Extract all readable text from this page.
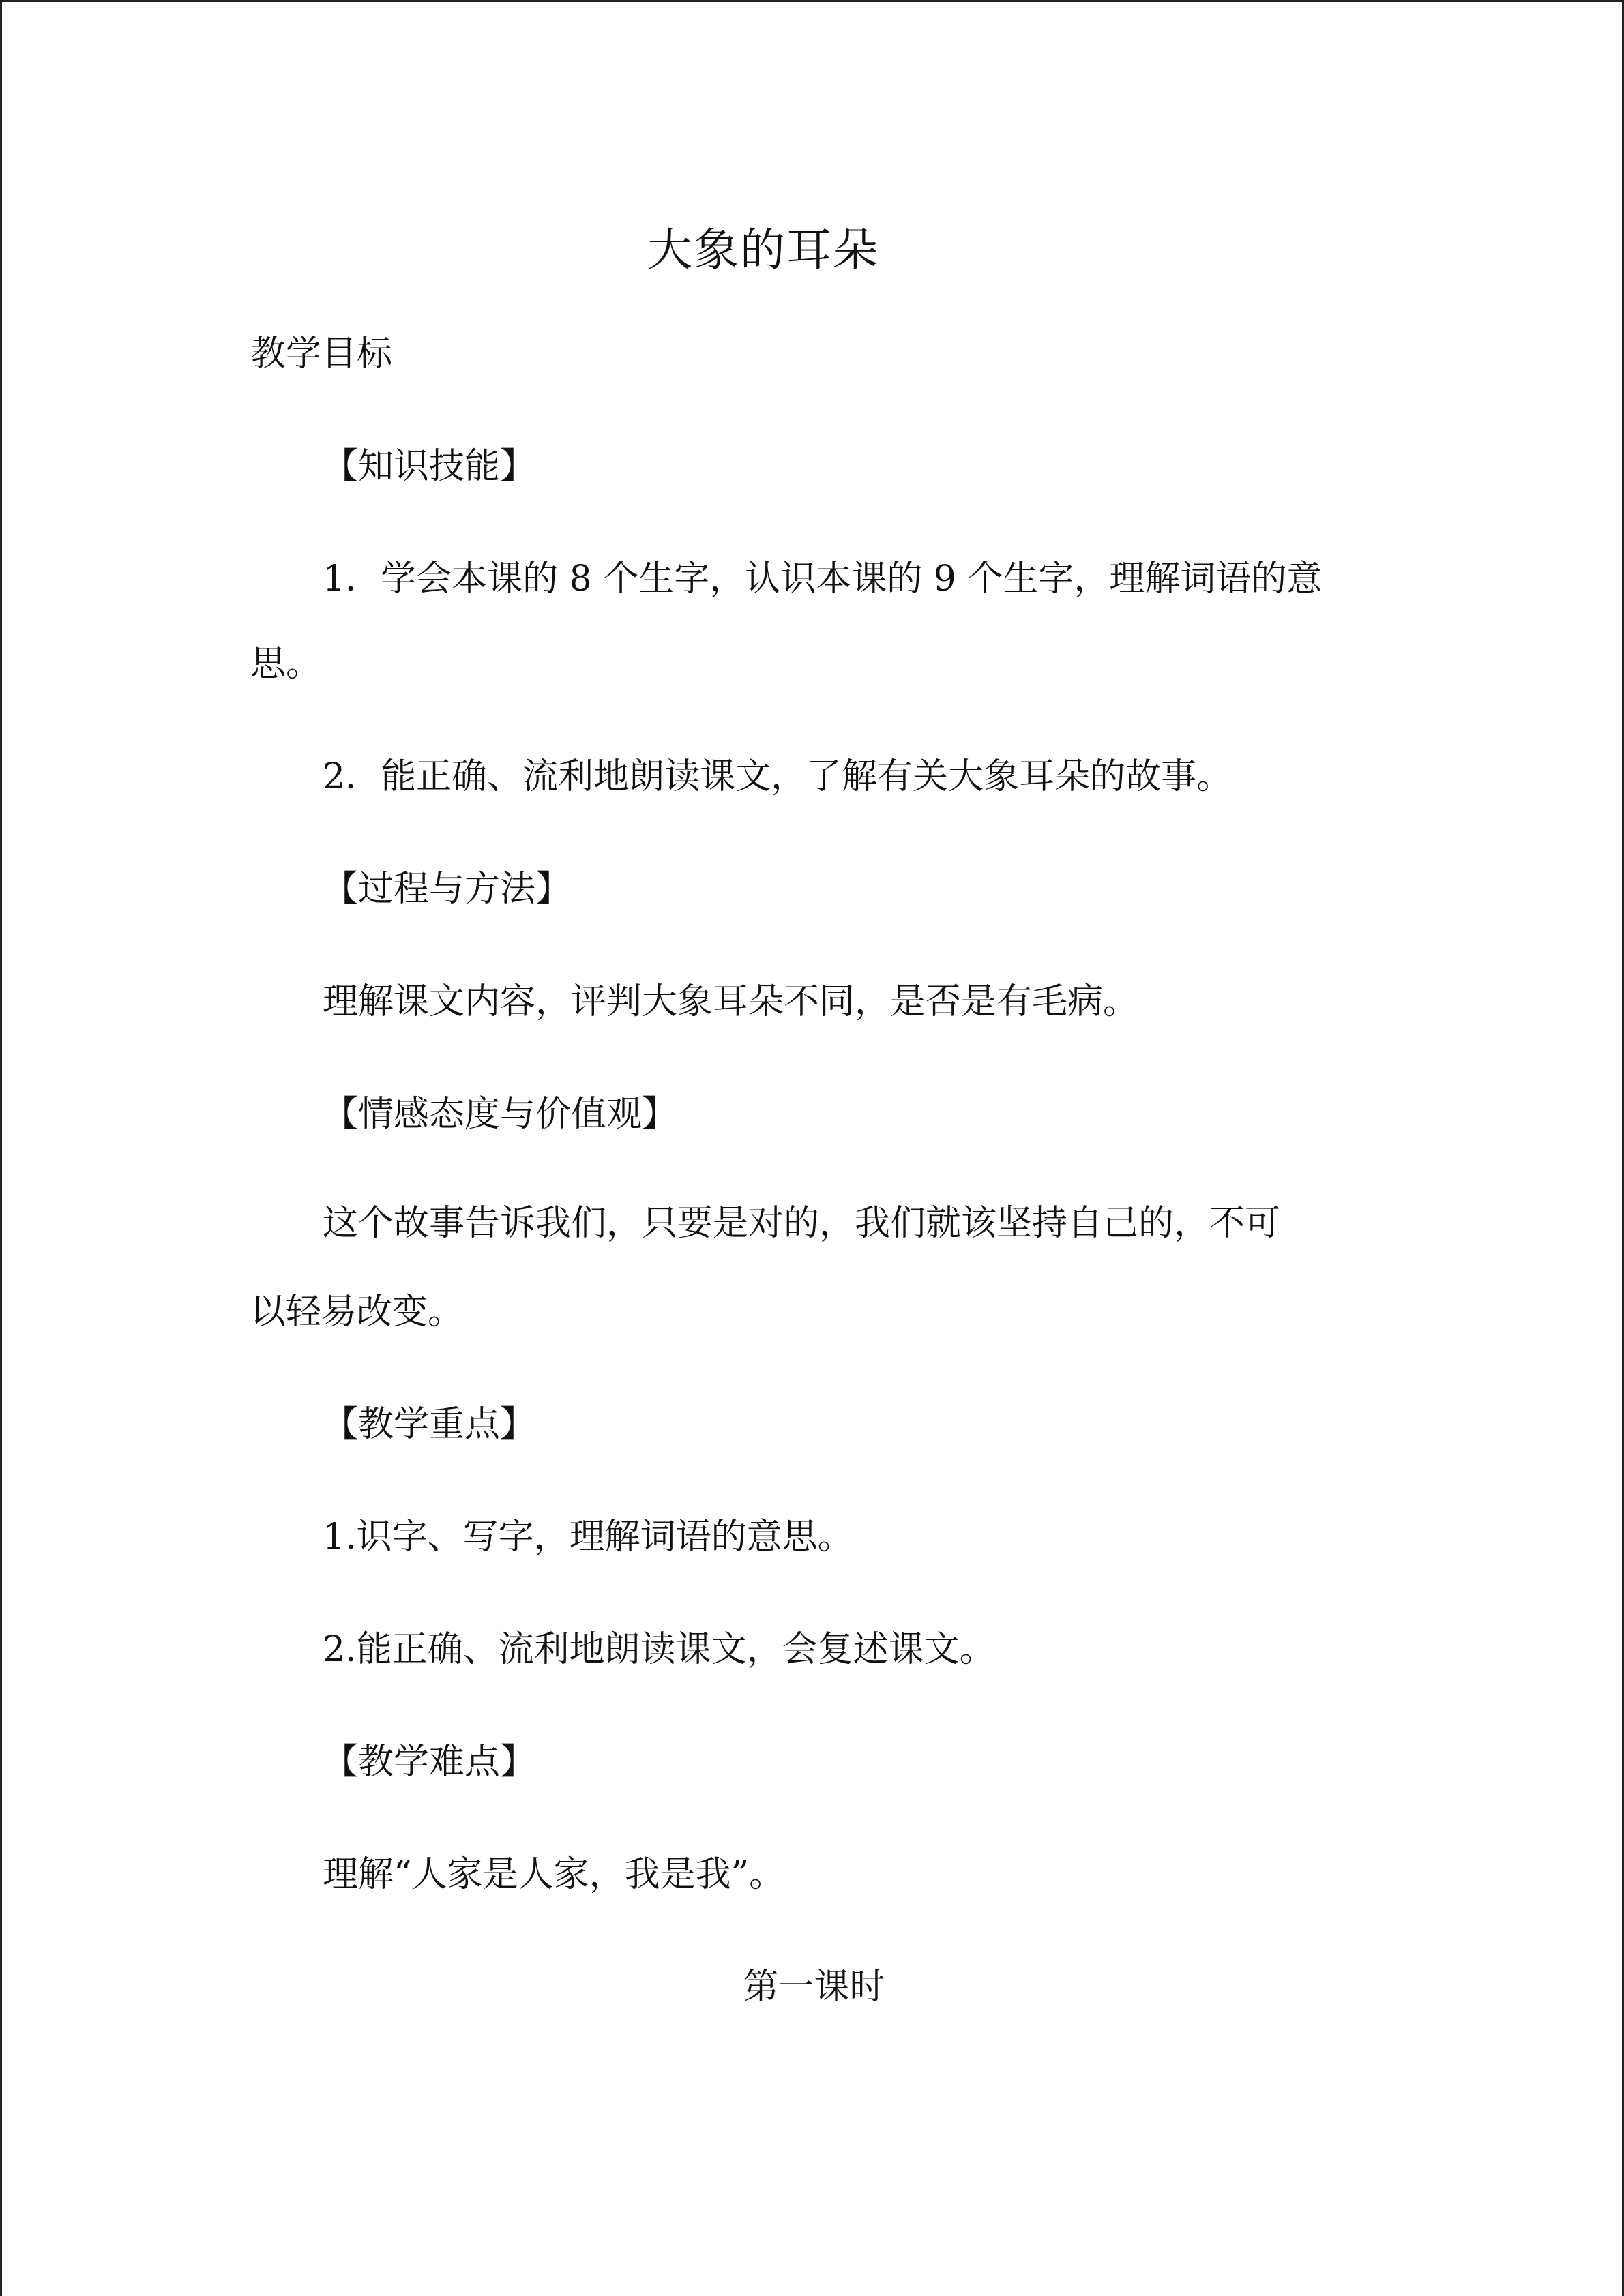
大象的耳朵
教学目标
【知识技能】
1．学会本课的 8 个生字，认识本课的 9 个生字，理解词语的意
思。
2．能正确、流利地朗读课文，了解有关大象耳朵的故事。
【过程与方法】
理解课文内容，评判大象耳朵不同，是否是有毛病。
【情感态度与价值观】
这个故事告诉我们，只要是对的，我们就该坚持自己的，不可
以轻易改变。
【教学重点】
1.识字、写字，理解词语的意思。
2.能正确、流利地朗读课文，会复述课文。
【教学难点】
理解“人家是人家，我是我”。
第一课时
